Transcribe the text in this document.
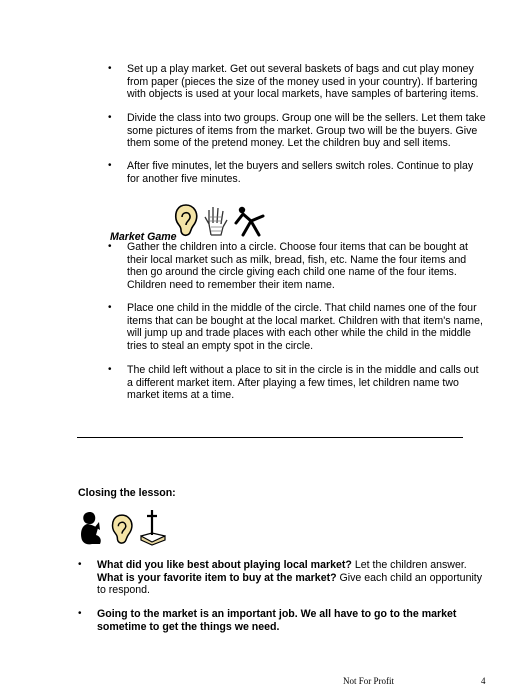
• Set up a play market. Get out several baskets of bags and cut play money from paper (pieces the size of the money used in your country). If bartering with objects is used at your local markets, have samples of bartering items.
• Divide the class into two groups. Group one will be the sellers. Let them take some pictures of items from the market. Group two will be the buyers. Give them some of the pretend money. Let the children buy and sell items.
• After five minutes, let the buyers and sellers switch roles. Continue to play for another five minutes.
Market Game
• Gather the children into a circle. Choose four items that can be bought at their local market such as milk, bread, fish, etc. Name the four items and then go around the circle giving each child one name of the four items. Children need to remember their item name.
• Place one child in the middle of the circle. That child names one of the four items that can be bought at the local market. Children with that item's name, will jump up and trade places with each other while the child in the middle tries to steal an empty spot in the circle.
• The child left without a place to sit in the circle is in the middle and calls out a different market item. After playing a few times, let children name two market items at a time.
Closing the lesson:
• What did you like best about playing local market? Let the children answer.
What is your favorite item to buy at the market? Give each child an opportunity to respond.
• Going to the market is an important job. We all have to go to the market sometime to get the things we need.
Not For Profit	4
